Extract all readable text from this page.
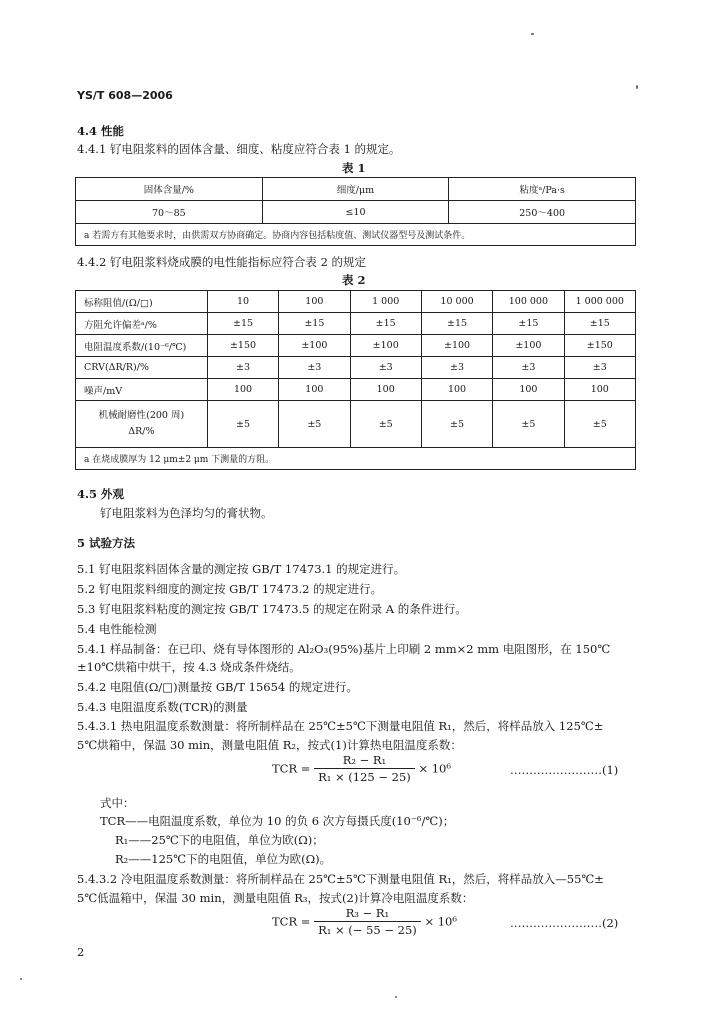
YS/T 608—2006
4.4 性能
4.4.1 钌电阻浆料的固体含量、细度、粘度应符合表 1 的规定。
表 1
固体含量/%	细度/μm	粘度ᵃ/Pa·s
70～85	≤10	250～400
a 若需方有其他要求时，由供需双方协商确定。协商内容包括粘度值、测试仪器型号及测试条件。		
4.4.2 钌电阻浆料烧成膜的电性能指标应符合表 2 的规定
表 2
标称阻值/(Ω/□)	10	100	1 000	10 000	100 000	1 000 000
方阻允许偏差ᵃ/%	±15	±15	±15	±15	±15	±15
电阻温度系数/(10⁻⁶/℃)	±150	±100	±100	±100	±100	±150
CRV(ΔR/R)/%	±3	±3	±3	±3	±3	±3
噪声/mV	100	100	100	100	100	100
机械耐磨性(200 周)
ΔR/%	±5	±5	±5	±5	±5	±5
a 在烧成膜厚为 12 μm±2 μm 下测量的方阻。						
4.5 外观
钌电阻浆料为色泽均匀的膏状物。
5 试验方法
5.1 钌电阻浆料固体含量的测定按 GB/T 17473.1 的规定进行。
5.2 钌电阻浆料细度的测定按 GB/T 17473.2 的规定进行。
5.3 钌电阻浆料粘度的测定按 GB/T 17473.5 的规定在附录 A 的条件进行。
5.4 电性能检测
5.4.1 样品制备：在已印、烧有导体图形的 Al₂O₃(95%)基片上印刷 2 mm×2 mm 电阻图形，在 150℃
±10℃烘箱中烘干，按 4.3 烧成条件烧结。
5.4.2 电阻值(Ω/□)测量按 GB/T 15654 的规定进行。
5.4.3 电阻温度系数(TCR)的测量
5.4.3.1 热电阻温度系数测量：将所制样品在 25℃±5℃下测量电阻值 R₁，然后，将样品放入 125℃±
5℃烘箱中，保温 30 min，测量电阻值 R₂，按式(1)计算热电阻温度系数：
TCR = $\frac{\text{R₂ − R₁}}{\text{R₁ × (125 − 25)}} \times 10^6$	……………………(1)
式中：
TCR——电阻温度系数，单位为 10 的负 6 次方每摄氏度(10⁻⁶/℃)；
R₁——25℃下的电阻值，单位为欧(Ω)；
R₂——125℃下的电阻值，单位为欧(Ω)。
5.4.3.2 冷电阻温度系数测量：将所制样品在 25℃±5℃下测量电阻值 R₁，然后，将样品放入—55℃±
5℃低温箱中，保温 30 min，测量电阻值 R₃，按式(2)计算冷电阻温度系数：
TCR = $\frac{\text{R₃ − R₁}}{\text{R₁ × (− 55 − 25)}} \times 10^6$	……………………(2)
2
